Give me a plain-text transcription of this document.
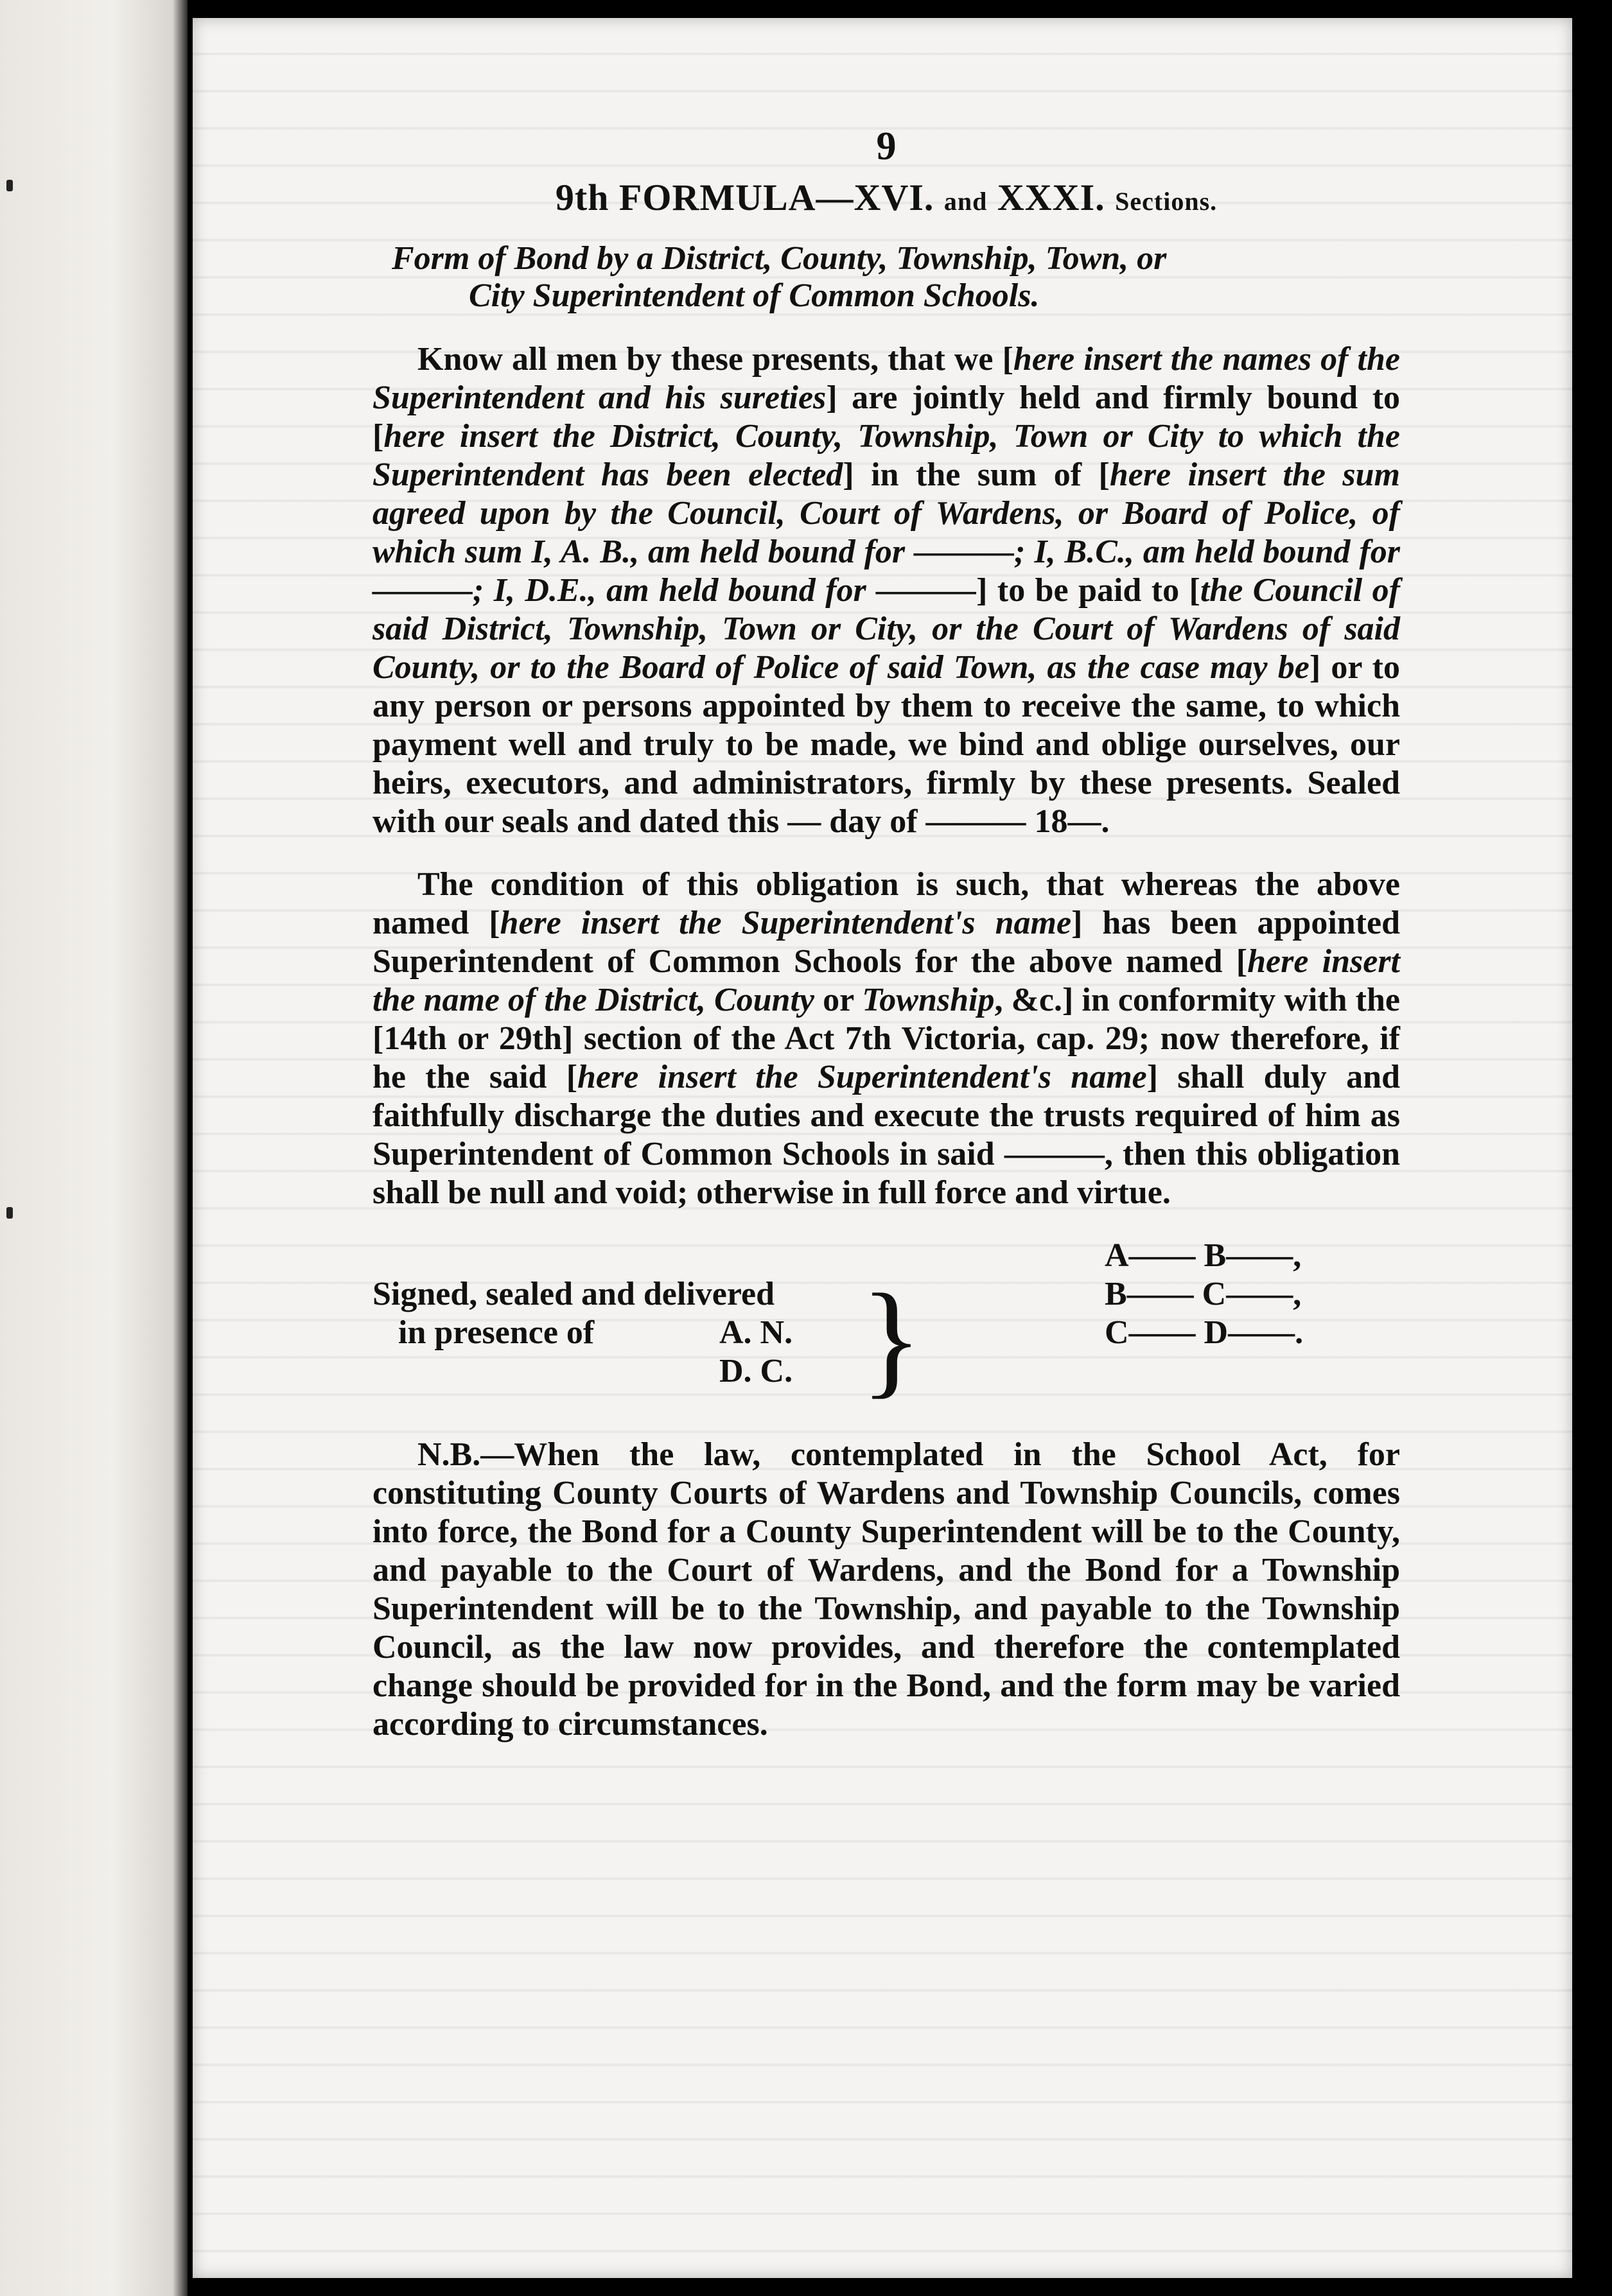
9
9th FORMULA—XVI. and XXXI. Sections.
Form of Bond by a District, County, Township, Town, or
City Superintendent of Common Schools.

Know all men by these presents, that we [here insert the names of the Superintendent and his sureties] are jointly held and firmly bound to [here insert the District, County, Township, Town or City to which the Superintendent has been elected] in the sum of [here insert the sum agreed upon by the Council, Court of Wardens, or Board of Police, of which sum I, A. B., am held bound for ———; I, B.C., am held bound for ———; I, D.E., am held bound for ———] to be paid to [the Council of said District, Township, Town or City, or the Court of Wardens of said County, or to the Board of Police of said Town, as the case may be] or to any person or persons appointed by them to receive the same, to which payment well and truly to be made, we bind and oblige ourselves, our heirs, executors, and administrators, firmly by these presents. Sealed with our seals and dated this — day of ——— 18—.

The condition of this obligation is such, that whereas the above named [here insert the Superintendent's name] has been appointed Superintendent of Common Schools for the above named [here insert the name of the District, County or Township, &c.] in conformity with the [14th or 29th] section of the Act 7th Victoria, cap. 29; now therefore, if he the said [here insert the Superintendent's name] shall duly and faithfully discharge the duties and execute the trusts required of him as Superintendent of Common Schools in said ———, then this obligation shall be null and void; otherwise in full force and virtue.

Signed, sealed and delivered
in presence of	A. N.
D. C. }
A—— B——,
B—— C——,
C—— D——.

N.B.—When the law, contemplated in the School Act, for constituting County Courts of Wardens and Township Councils, comes into force, the Bond for a County Superintendent will be to the County, and payable to the Court of Wardens, and the Bond for a Township Superintendent will be to the Township, and payable to the Township Council, as the law now provides, and therefore the contemplated change should be provided for in the Bond, and the form may be varied according to circumstances.
